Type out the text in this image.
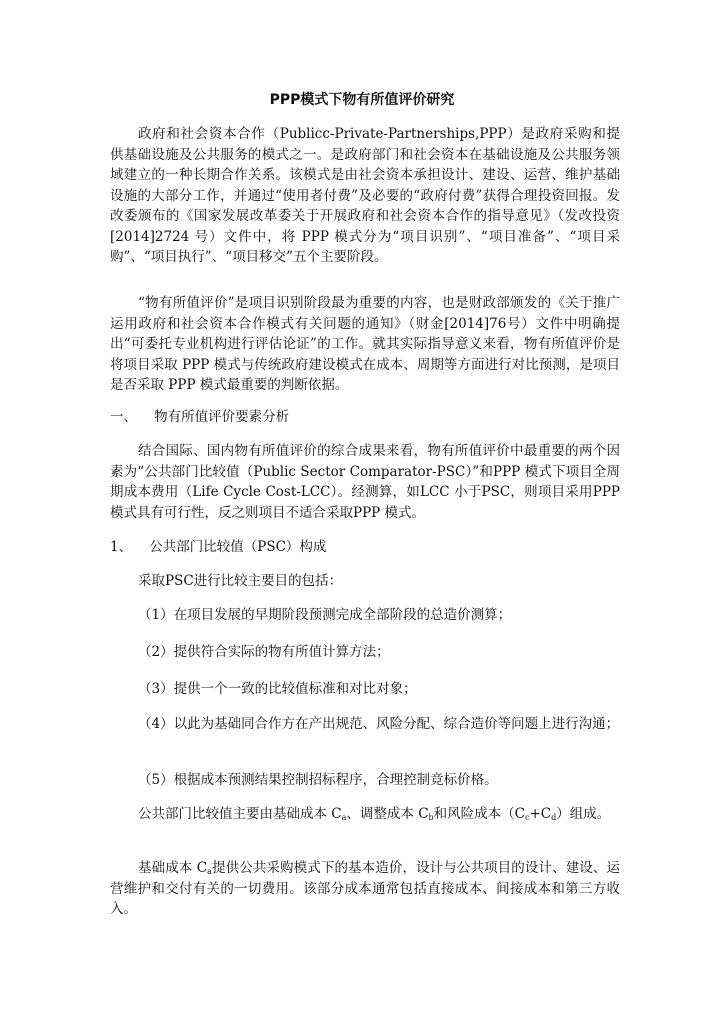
PPP模式下物有所值评价研究

政府和社会资本合作（Publicc-Private-Partnerships,PPP）是政府采购和提供基础设施及公共服务的模式之一。是政府部门和社会资本在基础设施及公共服务领域建立的一种长期合作关系。该模式是由社会资本承担设计、建设、运营、维护基础设施的大部分工作，并通过“使用者付费”及必要的“政府付费”获得合理投资回报。发改委颁布的《国家发展改革委关于开展政府和社会资本合作的指导意见》（发改投资[2014]2724 号）文件中，将 PPP 模式分为“项目识别”、“项目准备”、“项目采购”、“项目执行”、“项目移交”五个主要阶段。

“物有所值评价”是项目识别阶段最为重要的内容，也是财政部颁发的《关于推广运用政府和社会资本合作模式有关问题的通知》（财金[2014]76号）文件中明确提出“可委托专业机构进行评估论证”的工作。就其实际指导意义来看，物有所值评价是将项目采取 PPP 模式与传统政府建设模式在成本、周期等方面进行对比预测，是项目是否采取 PPP 模式最重要的判断依据。

一、    物有所值评价要素分析

结合国际、国内物有所值评价的综合成果来看，物有所值评价中最重要的两个因素为“公共部门比较值（Public Sector Comparator-PSC）”和PPP 模式下项目全周期成本费用（Life Cycle Cost-LCC）。经测算，如LCC 小于PSC，则项目采用PPP 模式具有可行性，反之则项目不适合采取PPP 模式。

1、    公共部门比较值（PSC）构成

采取PSC进行比较主要目的包括：

（1）在项目发展的早期阶段预测完成全部阶段的总造价测算；

（2）提供符合实际的物有所值计算方法；

（3）提供一个一致的比较值标准和对比对象；

（4）以此为基础同合作方在产出规范、风险分配、综合造价等问题上进行沟通；

（5）根据成本预测结果控制招标程序，合理控制竞标价格。

公共部门比较值主要由基础成本 $C_a$、调整成本 $C_b$和风险成本$(C_c+C_d)$组成。

基础成本 $C_a$提供公共采购模式下的基本造价，设计与公共项目的设计、建设、运营维护和交付有关的一切费用。该部分成本通常包括直接成本、间接成本和第三方收入。
